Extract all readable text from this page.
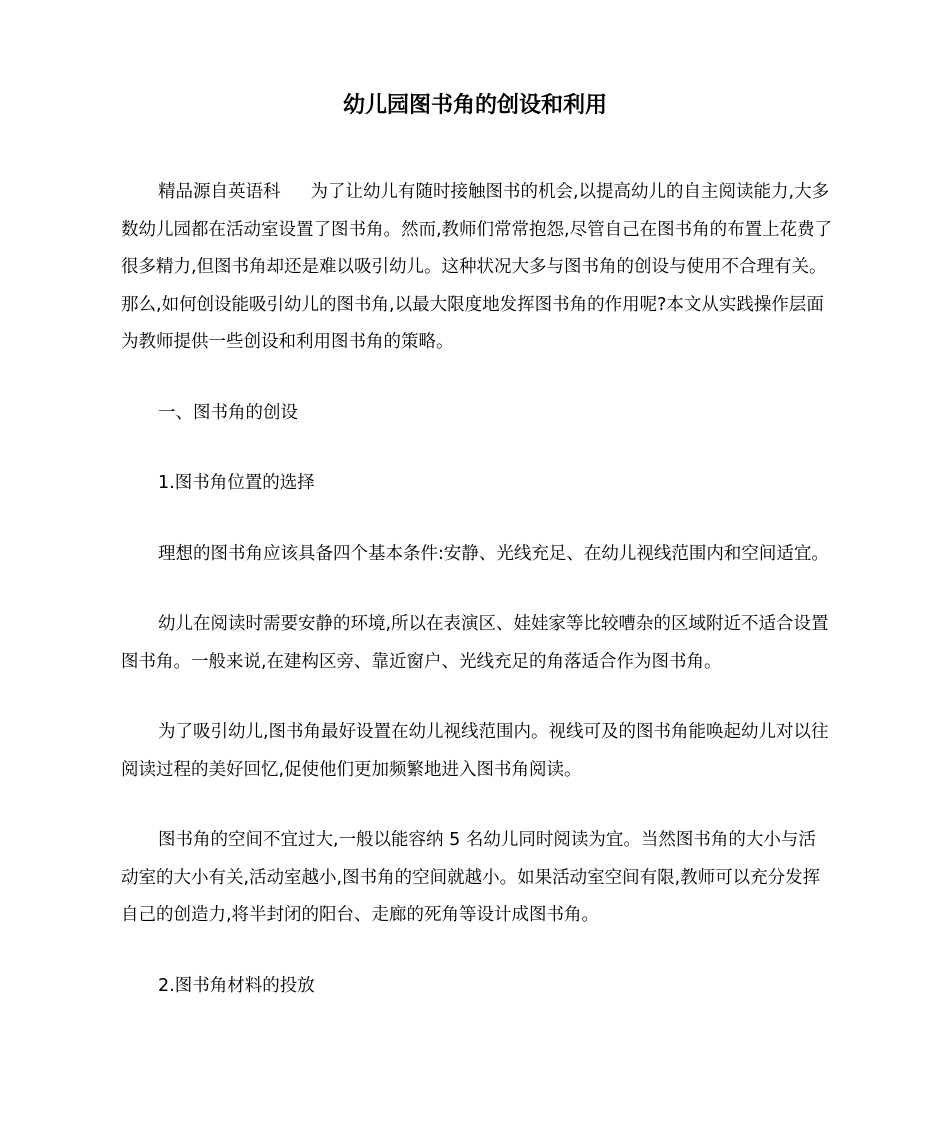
幼儿园图书角的创设和利用

精品源自英语科 为了让幼儿有随时接触图书的机会,以提高幼儿的自主阅读能力,大多数幼儿园都在活动室设置了图书角。然而,教师们常常抱怨,尽管自己在图书角的布置上花费了很多精力,但图书角却还是难以吸引幼儿。这种状况大多与图书角的创设与使用不合理有关。那么,如何创设能吸引幼儿的图书角,以最大限度地发挥图书角的作用呢?本文从实践操作层面为教师提供一些创设和利用图书角的策略。

一、图书角的创设

1.图书角位置的选择

理想的图书角应该具备四个基本条件:安静、光线充足、在幼儿视线范围内和空间适宜。

幼儿在阅读时需要安静的环境,所以在表演区、娃娃家等比较嘈杂的区域附近不适合设置图书角。一般来说,在建构区旁、靠近窗户、光线充足的角落适合作为图书角。

为了吸引幼儿,图书角最好设置在幼儿视线范围内。视线可及的图书角能唤起幼儿对以往阅读过程的美好回忆,促使他们更加频繁地进入图书角阅读。

图书角的空间不宜过大,一般以能容纳 5 名幼儿同时阅读为宜。当然图书角的大小与活动室的大小有关,活动室越小,图书角的空间就越小。如果活动室空间有限,教师可以充分发挥自己的创造力,将半封闭的阳台、走廊的死角等设计成图书角。

2.图书角材料的投放
